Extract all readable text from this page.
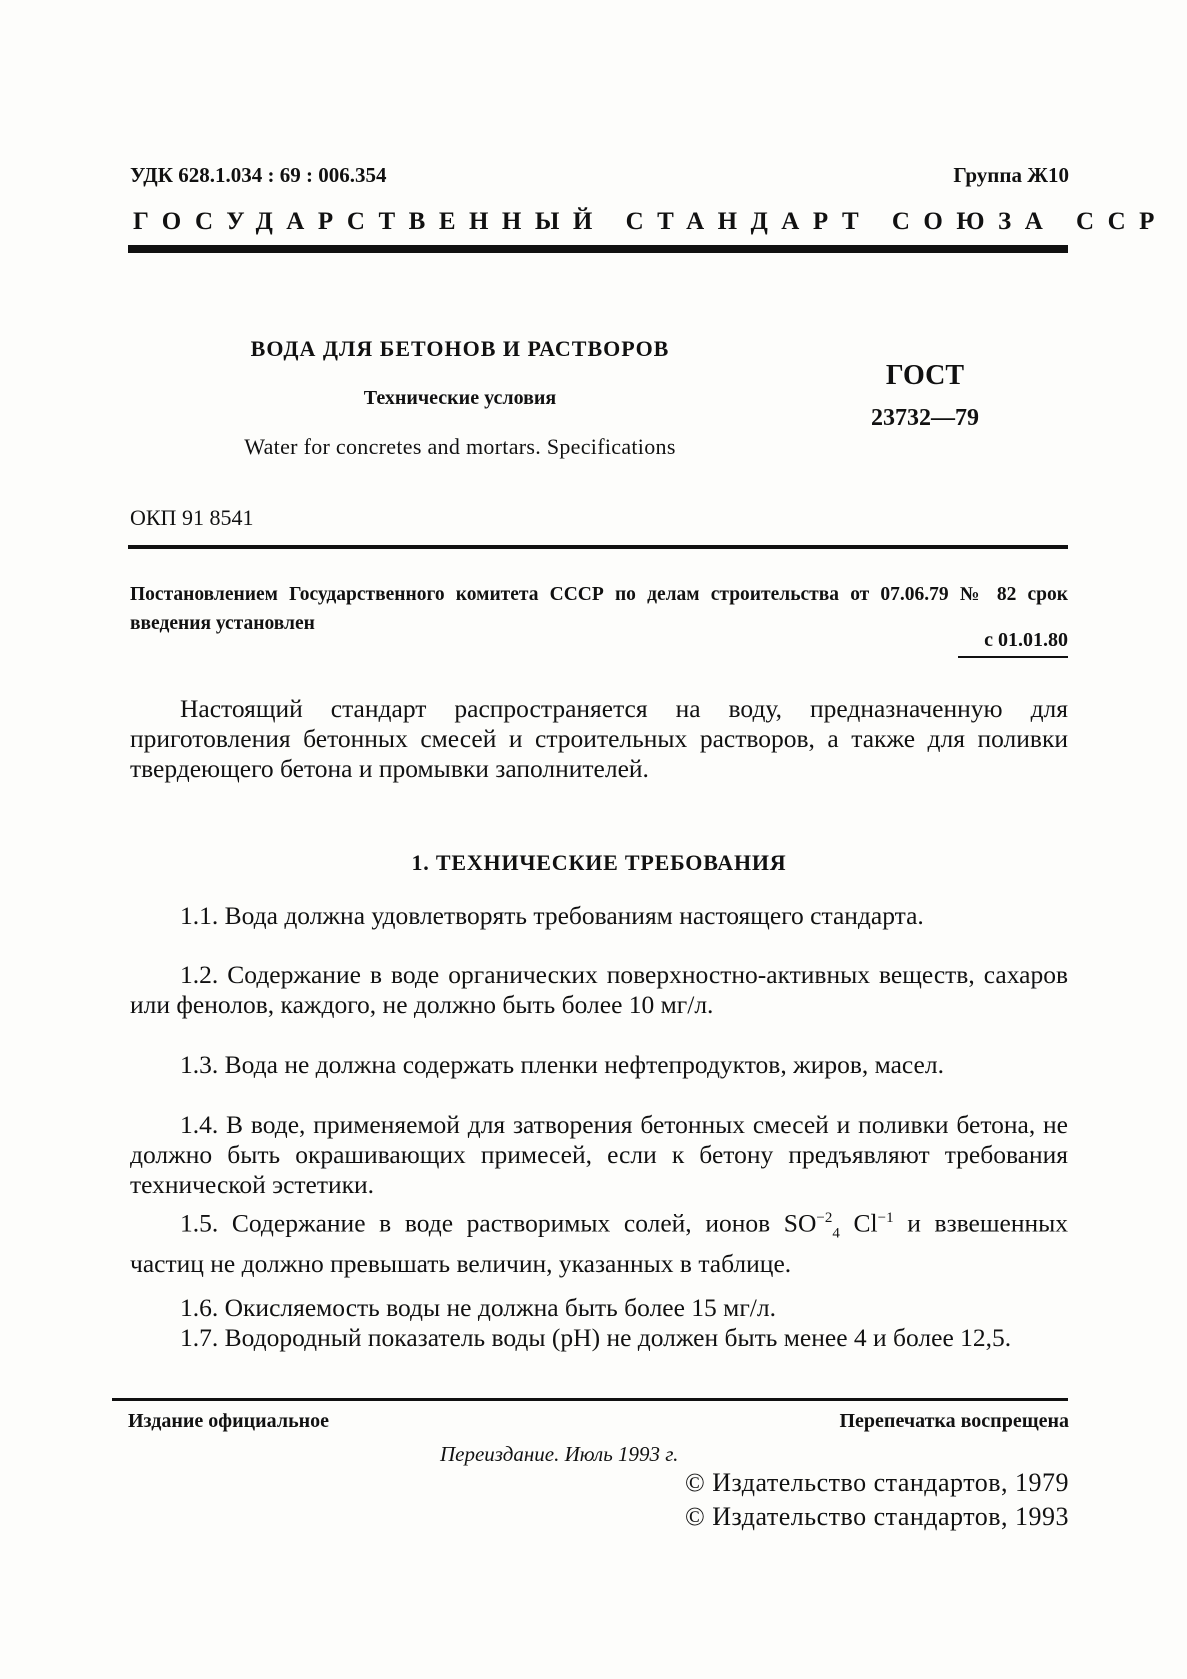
УДК 628.1.034 : 69 : 006.354	Группа Ж10
ГОСУДАРСТВЕННЫЙ СТАНДАРТ СОЮЗА ССР
ВОДА ДЛЯ БЕТОНОВ И РАСТВОРОВ
Технические условия
Water for concretes and mortars. Specifications
ГОСТ
23732—79
ОКП 91 8541
Постановлением Государственного комитета СССР по делам строительства от 07.06.79 № 82 срок введения установлен
с 01.01.80
Настоящий стандарт распространяется на воду, предназначенную для приготовления бетонных смесей и строительных растворов, а также для поливки твердеющего бетона и промывки заполнителей.
1. ТЕХНИЧЕСКИЕ ТРЕБОВАНИЯ
1.1. Вода должна удовлетворять требованиям настоящего стандарта.
1.2. Содержание в воде органических поверхностно-активных веществ, сахаров или фенолов, каждого, не должно быть более 10 мг/л.
1.3. Вода не должна содержать пленки нефтепродуктов, жиров, масел.
1.4. В воде, применяемой для затворения бетонных смесей и поливки бетона, не должно быть окрашивающих примесей, если к бетону предъявляют требования технической эстетики.
1.5. Содержание в воде растворимых солей, ионов $SO^{-2}_4$ $Cl^{-1}$ и взвешенных частиц не должно превышать величин, указанных в таблице.
1.6. Окисляемость воды не должна быть более 15 мг/л.
1.7. Водородный показатель воды (pH) не должен быть менее 4 и более 12,5.
Издание официальное	Перепечатка воспрещена
Переиздание. Июль 1993 г.
© Издательство стандартов, 1979
© Издательство стандартов, 1993
